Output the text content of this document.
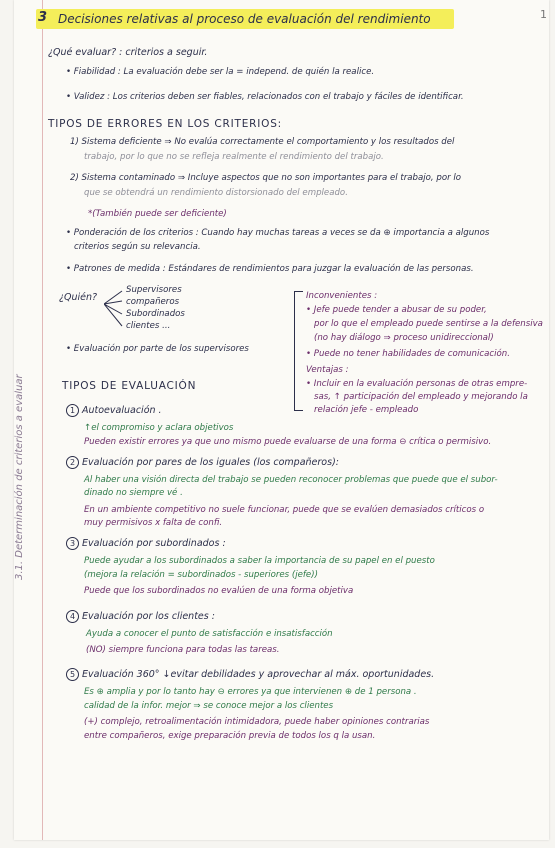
1
3.1. Determinación de criterios a evaluar
3 Decisiones relativas al proceso de evaluación del rendimiento
¿Qué evaluar? : criterios a seguir.
• Fiabilidad : La evaluación debe ser la = independ. de quién la realice.
• Validez : Los criterios deben ser fiables, relacionados con el trabajo y fáciles de identificar.
TIPOS DE ERRORES EN LOS CRITERIOS:
1) Sistema deficiente ⇒ No evalúa correctamente el comportamiento y los resultados del
trabajo, por lo que no se refleja realmente el rendimiento del trabajo.
2) Sistema contaminado ⇒ Incluye aspectos que no son importantes para el trabajo, por lo
que se obtendrá un rendimiento distorsionado del empleado.
*(También puede ser deficiente)
• Ponderación de los criterios : Cuando hay muchas tareas a veces se da ⊕ importancia a algunos
criterios según su relevancia.
• Patrones de medida : Estándares de rendimientos para juzgar la evaluación de las personas.
¿Quién?
Supervisores
compañeros
Subordinados
clientes ...
• Evaluación por parte de los supervisores
Inconvenientes :
• Jefe puede tender a abusar de su poder,
por lo que el empleado puede sentirse a la defensiva
(no hay diálogo ⇒ proceso unidireccional)
• Puede no tener habilidades de comunicación.
Ventajas :
• Incluir en la evaluación personas de otras empre-
sas, ↑ participación del empleado y mejorando la
relación jefe - empleado
TIPOS DE EVALUACIÓN
1 Autoevaluación .
↑el compromiso y aclara objetivos
Pueden existir errores ya que uno mismo puede evaluarse de una forma ⊖ crítica o permisivo.
2 Evaluación por pares de los iguales (los compañeros):
Al haber una visión directa del trabajo se pueden reconocer problemas que puede que el subor-
dinado no siempre vé .
En un ambiente competitivo no suele funcionar, puede que se evalúen demasiados críticos o
muy permisivos x falta de confi.
3 Evaluación por subordinados :
Puede ayudar a los subordinados a saber la importancia de su papel en el puesto
(mejora la relación = subordinados - superiores (jefe))
Puede que los subordinados no evalúen de una forma objetiva
4 Evaluación por los clientes :
Ayuda a conocer el punto de satisfacción e insatisfacción
(NO) siempre funciona para todas las tareas.
5 Evaluación 360° ↓evitar debilidades y aprovechar al máx. oportunidades.
Es ⊕ amplia y por lo tanto hay ⊖ errores ya que intervienen ⊕ de 1 persona .
calidad de la infor. mejor ⇒ se conoce mejor a los clientes
(+) complejo, retroalimentación intimidadora, puede haber opiniones contrarias
entre compañeros, exige preparación previa de todos los q la usan.
